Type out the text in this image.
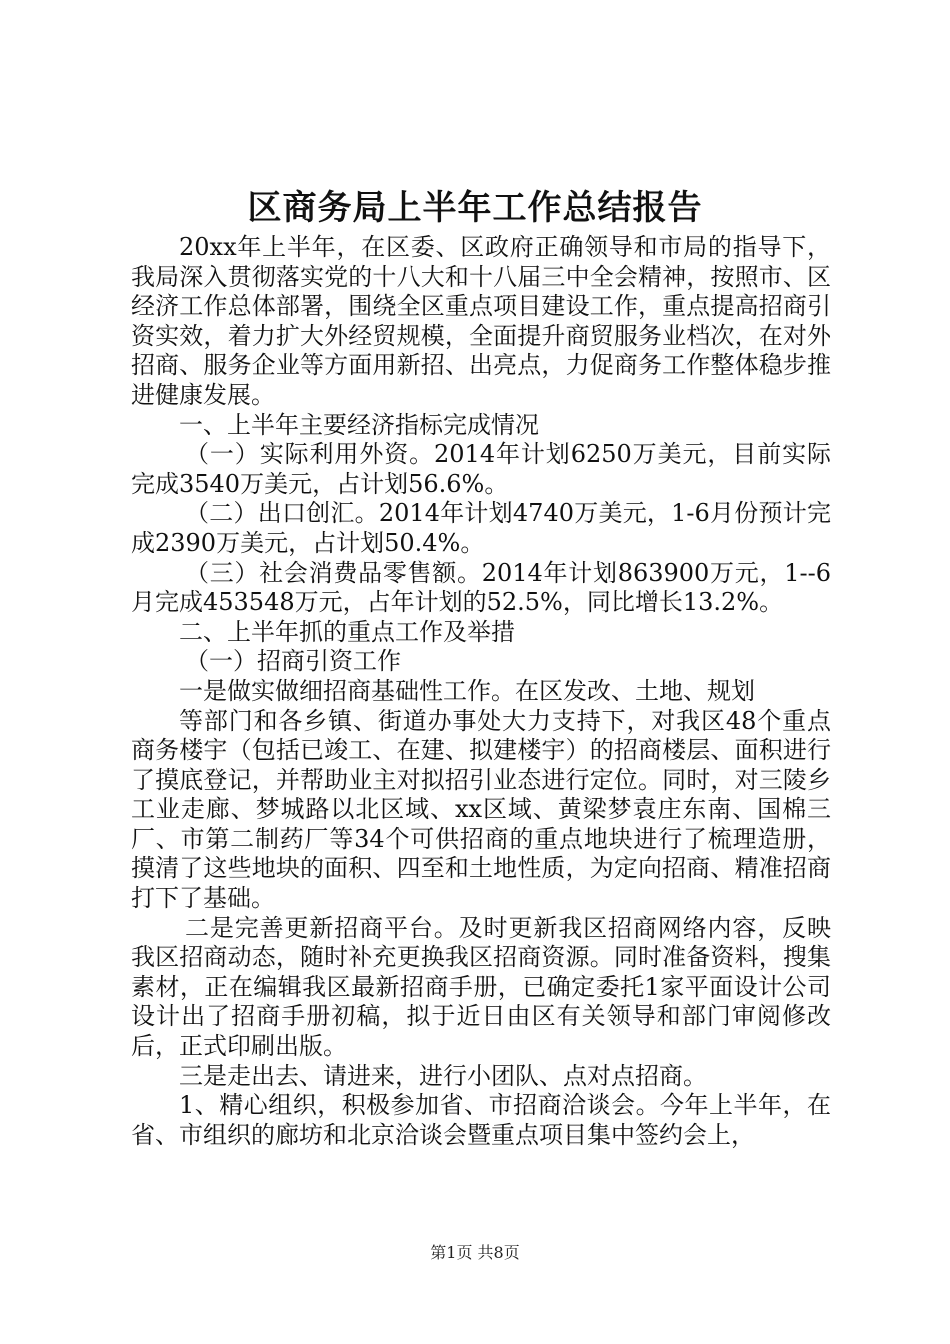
区商务局上半年工作总结报告

20xx年上半年，在区委、区政府正确领导和市局的指导下，我局深入贯彻落实党的十八大和十八届三中全会精神，按照市、区经济工作总体部署，围绕全区重点项目建设工作，重点提高招商引资实效，着力扩大外经贸规模，全面提升商贸服务业档次，在对外招商、服务企业等方面用新招、出亮点，力促商务工作整体稳步推进健康发展。

一、上半年主要经济指标完成情况

（一）实际利用外资。2014年计划6250万美元，目前实际完成3540万美元，占计划56.6%。

（二）出口创汇。2014年计划4740万美元，1-6月份预计完成2390万美元，占计划50.4%。

（三）社会消费品零售额。2014年计划863900万元，1--6月完成453548万元，占年计划的52.5%，同比增长13.2%。

二、上半年抓的重点工作及举措

（一）招商引资工作

一是做实做细招商基础性工作。在区发改、土地、规划

等部门和各乡镇、街道办事处大力支持下，对我区48个重点商务楼宇（包括已竣工、在建、拟建楼宇）的招商楼层、面积进行了摸底登记，并帮助业主对拟招引业态进行定位。同时，对三陵乡工业走廊、梦城路以北区域、xx区域、黄梁梦袁庄东南、国棉三厂、市第二制药厂等34个可供招商的重点地块进行了梳理造册，摸清了这些地块的面积、四至和土地性质，为定向招商、精准招商打下了基础。

二是完善更新招商平台。及时更新我区招商网络内容，反映我区招商动态，随时补充更换我区招商资源。同时准备资料，搜集素材，正在编辑我区最新招商手册，已确定委托1家平面设计公司设计出了招商手册初稿，拟于近日由区有关领导和部门审阅修改后，正式印刷出版。

三是走出去、请进来，进行小团队、点对点招商。

1、精心组织，积极参加省、市招商洽谈会。今年上半年，在省、市组织的廊坊和北京洽谈会暨重点项目集中签约会上，

第1页 共8页
